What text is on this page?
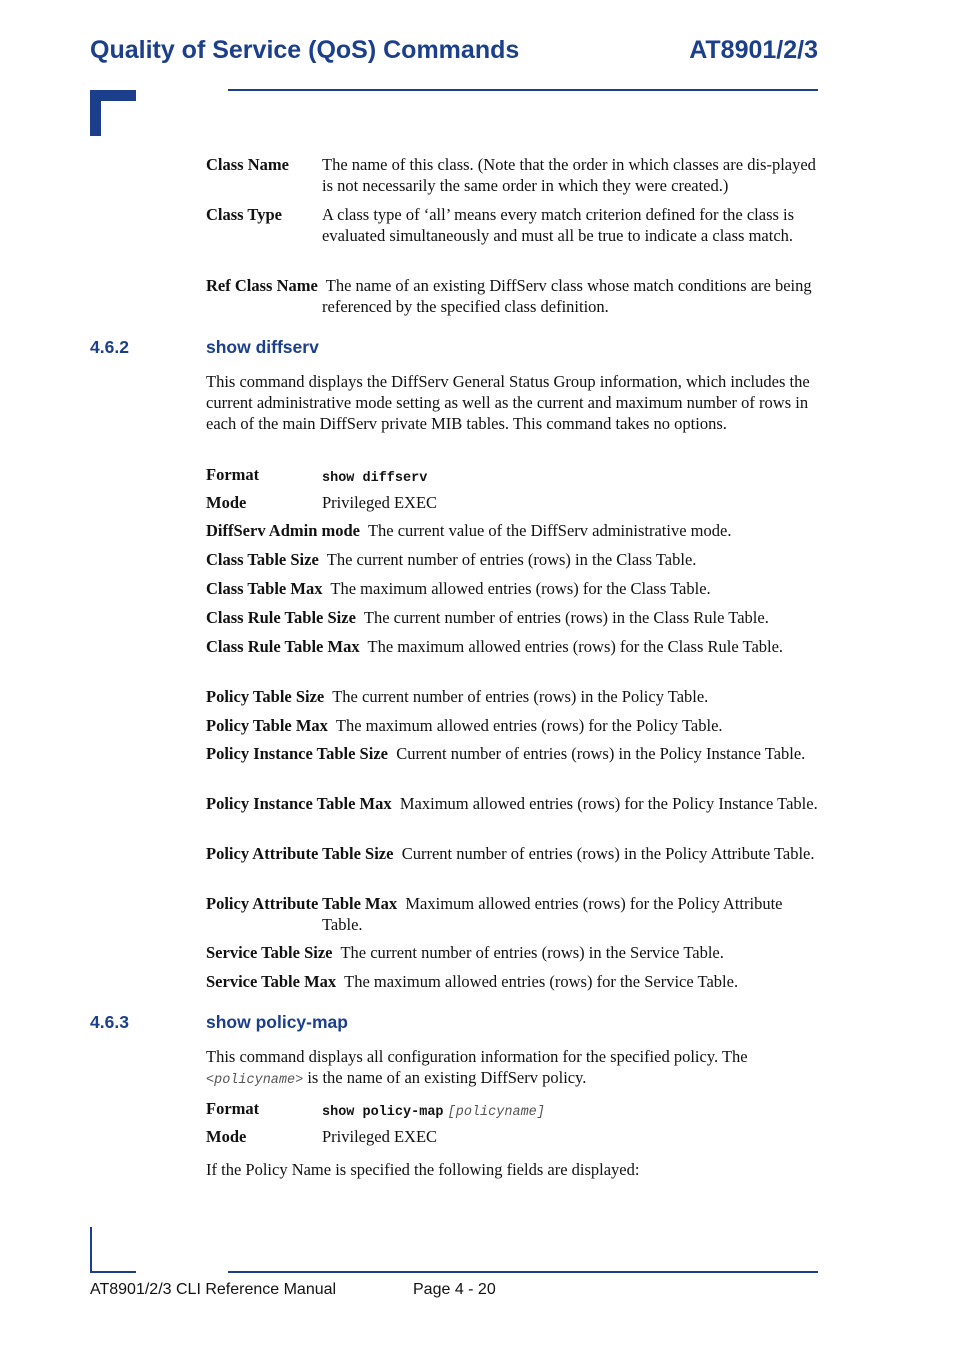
Quality of Service (QoS) Commands	AT8901/2/3
Class Name The name of this class. (Note that the order in which classes are dis-played is not necessarily the same order in which they were created.)
Class Type A class type of ‘all’ means every match criterion defined for the class is evaluated simultaneously and must all be true to indicate a class match.
Ref Class Name The name of an existing DiffServ class whose match conditions are being referenced by the specified class definition.
4.6.2	show diffserv
This command displays the DiffServ General Status Group information, which includes the current administrative mode setting as well as the current and maximum number of rows in each of the main DiffServ private MIB tables. This command takes no options.
Format	show diffserv
Mode	Privileged EXEC
DiffServ Admin mode The current value of the DiffServ administrative mode.
Class Table Size The current number of entries (rows) in the Class Table.
Class Table Max The maximum allowed entries (rows) for the Class Table.
Class Rule Table Size The current number of entries (rows) in the Class Rule Table.
Class Rule Table Max The maximum allowed entries (rows) for the Class Rule Table.
Policy Table Size The current number of entries (rows) in the Policy Table.
Policy Table Max The maximum allowed entries (rows) for the Policy Table.
Policy Instance Table Size Current number of entries (rows) in the Policy Instance Table.
Policy Instance Table Max Maximum allowed entries (rows) for the Policy Instance Table.
Policy Attribute Table Size Current number of entries (rows) in the Policy Attribute Table.
Policy Attribute Table Max Maximum allowed entries (rows) for the Policy Attribute Table.
Service Table Size The current number of entries (rows) in the Service Table.
Service Table Max The maximum allowed entries (rows) for the Service Table.
4.6.3	show policy-map
This command displays all configuration information for the specified policy. The
<policyname> is the name of an existing DiffServ policy.
Format	show policy-map [policyname]
Mode	Privileged EXEC
If the Policy Name is specified the following fields are displayed:
AT8901/2/3 CLI Reference Manual	Page 4 - 20
